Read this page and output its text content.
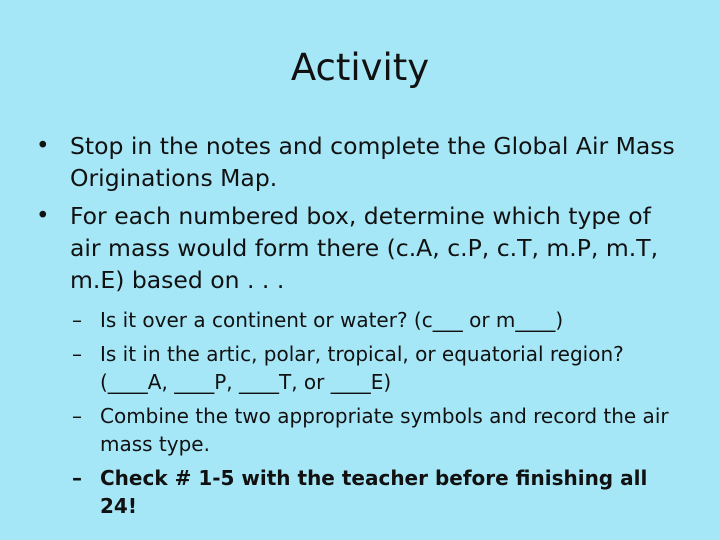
Activity
• Stop in the notes and complete the Global Air Mass Originations Map.
• For each numbered box, determine which type of air mass would form there (c.A, c.P, c.T, m.P, m.T, m.E) based on . . .
– Is it over a continent or water? (c___ or m____)
– Is it in the artic, polar, tropical, or equatorial region? (____A, ____P, ____T, or ____E)
– Combine the two appropriate symbols and record the air mass type.
– Check # 1-5 with the teacher before finishing all 24!
